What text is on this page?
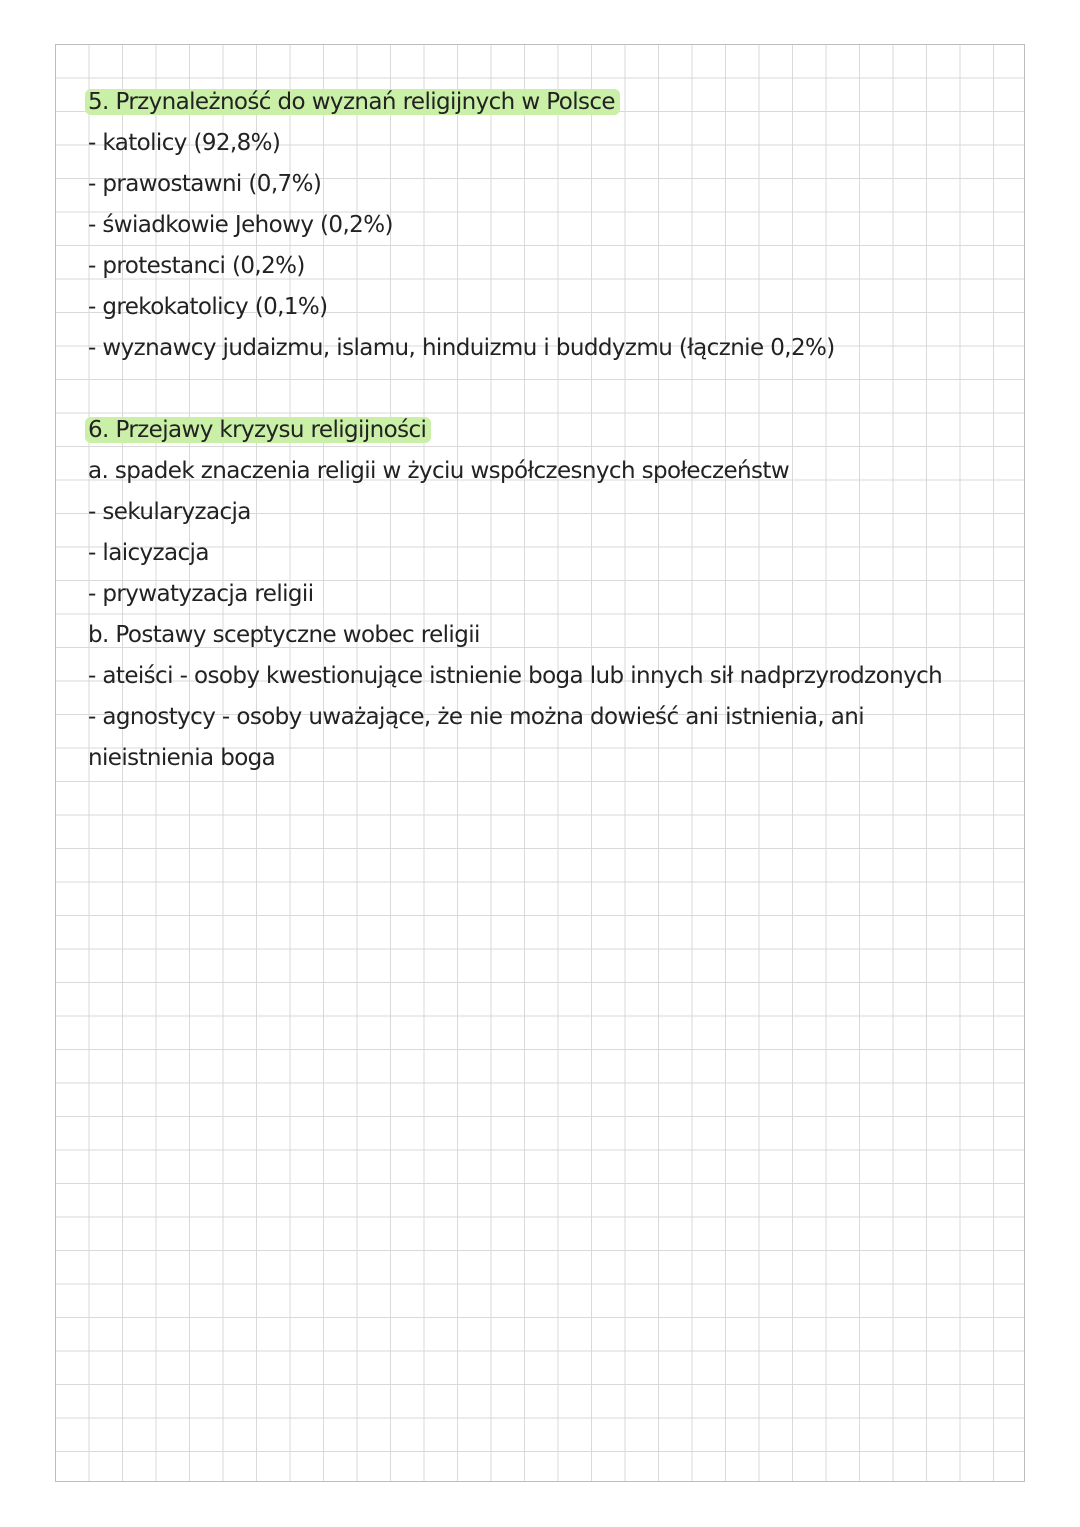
5. Przynależność do wyznań religijnych w Polsce
- katolicy (92,8%)
- prawostawni (0,7%)
- świadkowie Jehowy (0,2%)
- protestanci (0,2%)
- grekokatolicy (0,1%)
- wyznawcy judaizmu, islamu, hinduizmu i buddyzmu (łącznie 0,2%)
6. Przejawy kryzysu religijności
a. spadek znaczenia religii w życiu współczesnych społeczeństw
- sekularyzacja
- laicyzacja
- prywatyzacja religii
b. Postawy sceptyczne wobec religii
- ateiści - osoby kwestionujące istnienie boga lub innych sił nadprzyrodzonych
- agnostycy - osoby uważające, że nie można dowieść ani istnienia, ani
nieistnienia boga
